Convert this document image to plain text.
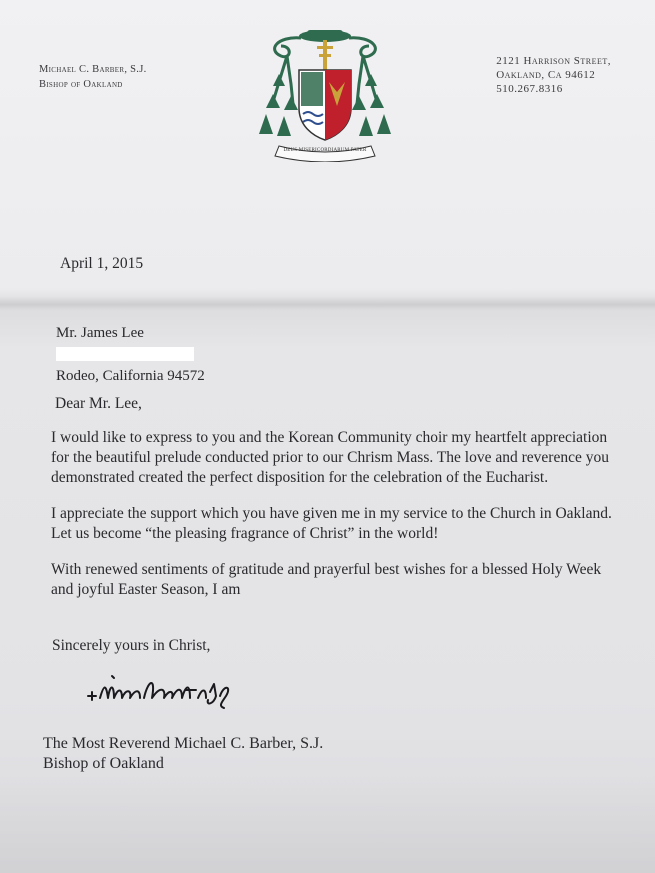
Michael C. Barber, S.J.
Bishop of Oakland
DEUS MISERICORDIARUM PATER
2121 Harrison Street,
Oakland, Ca 94612
510.267.8316
April 1, 2015
Mr. James Lee
Rodeo, California 94572
Dear Mr. Lee,

I would like to express to you and the Korean Community choir my heartfelt appreciation for the beautiful prelude conducted prior to our Chrism Mass. The love and reverence you demonstrated created the perfect disposition for the celebration of the Eucharist.

I appreciate the support which you have given me in my service to the Church in Oakland. Let us become “the pleasing fragrance of Christ” in the world!

With renewed sentiments of gratitude and prayerful best wishes for a blessed Holy Week and joyful Easter Season, I am

Sincerely yours in Christ,
The Most Reverend Michael C. Barber, S.J.
Bishop of Oakland
